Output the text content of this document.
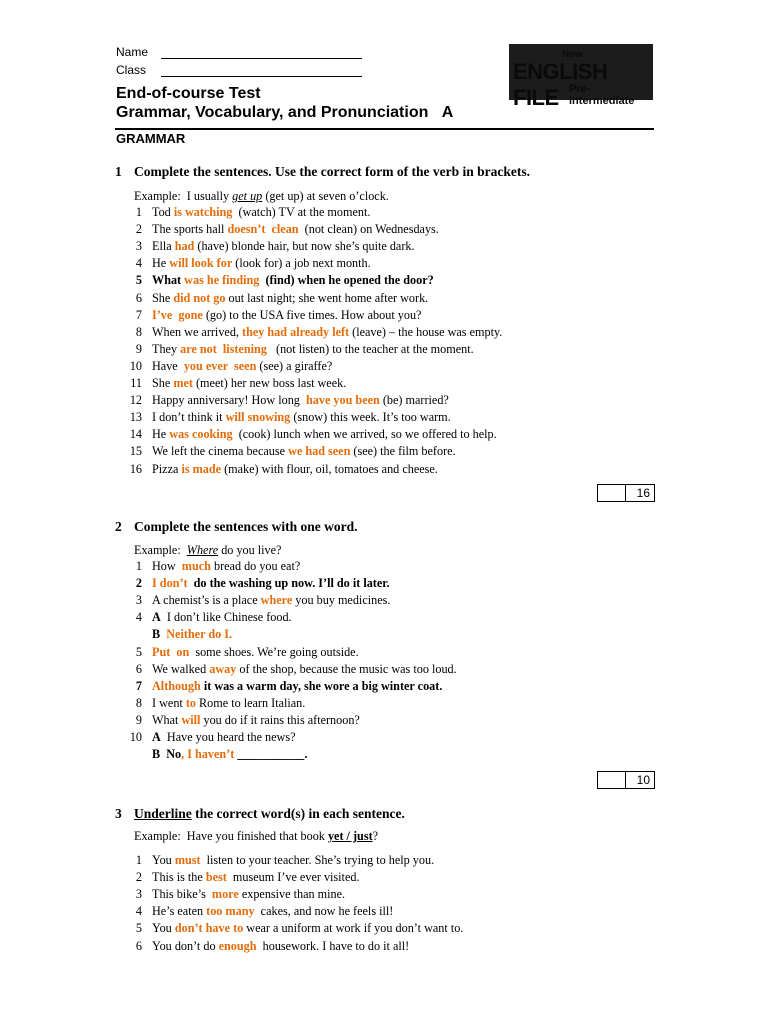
Name
Class
New
ENGLISH FILE Pre-intermediate
End-of-course Test
Grammar, Vocabulary, and Pronunciation A
GRAMMAR
1 Complete the sentences. Use the correct form of the verb in brackets.
Example: I usually get up (get up) at seven o’clock.
1 Tod is watching  (watch) TV at the moment.
2 The sports hall doesn’t  clean  (not clean) on Wednesdays.
3 Ella had (have) blonde hair, but now she’s quite dark.
4 He will look for (look for) a job next month.
5 What was he finding  (find) when he opened the door?
6 She did not go out last night; she went home after work.
7 I’ve  gone (go) to the USA five times. How about you?
8 When we arrived, they had already left (leave) – the house was empty.
9 They are not  listening   (not listen) to the teacher at the moment.
10 Have  you ever  seen (see) a giraffe?
11 She met (meet) her new boss last week.
12 Happy anniversary! How long  have you been (be) married?
13 I don’t think it will snowing (snow) this week. It’s too warm.
14 He was cooking  (cook) lunch when we arrived, so we offered to help.
15 We left the cinema because we had seen (see) the film before.
16 Pizza is made (make) with flour, oil, tomatoes and cheese.
16
2 Complete the sentences with one word.
Example: Where do you live?
1 How  much bread do you eat?
2 I don’t  do the washing up now. I’ll do it later.
3 A chemist’s is a place where you buy medicines.
4 A  I don’t like Chinese food.
B Neither do I.
5 Put  on  some shoes. We’re going outside.
6 We walked away of the shop, because the music was too loud.
7 Although it was a warm day, she wore a big winter coat.
8 I went to Rome to learn Italian.
9 What will you do if it rains this afternoon?
10 A  Have you heard the news?
B  No, I haven’t ___________.
10
3 Underline the correct word(s) in each sentence.
Example: Have you finished that book yet / just?
1 You must  listen to your teacher. She’s trying to help you.
2 This is the best  museum I’ve ever visited.
3 This bike’s  more expensive than mine.
4 He’s eaten too many  cakes, and now he feels ill!
5 You don’t have to wear a uniform at work if you don’t want to.
6 You don’t do enough  housework. I have to do it all!
